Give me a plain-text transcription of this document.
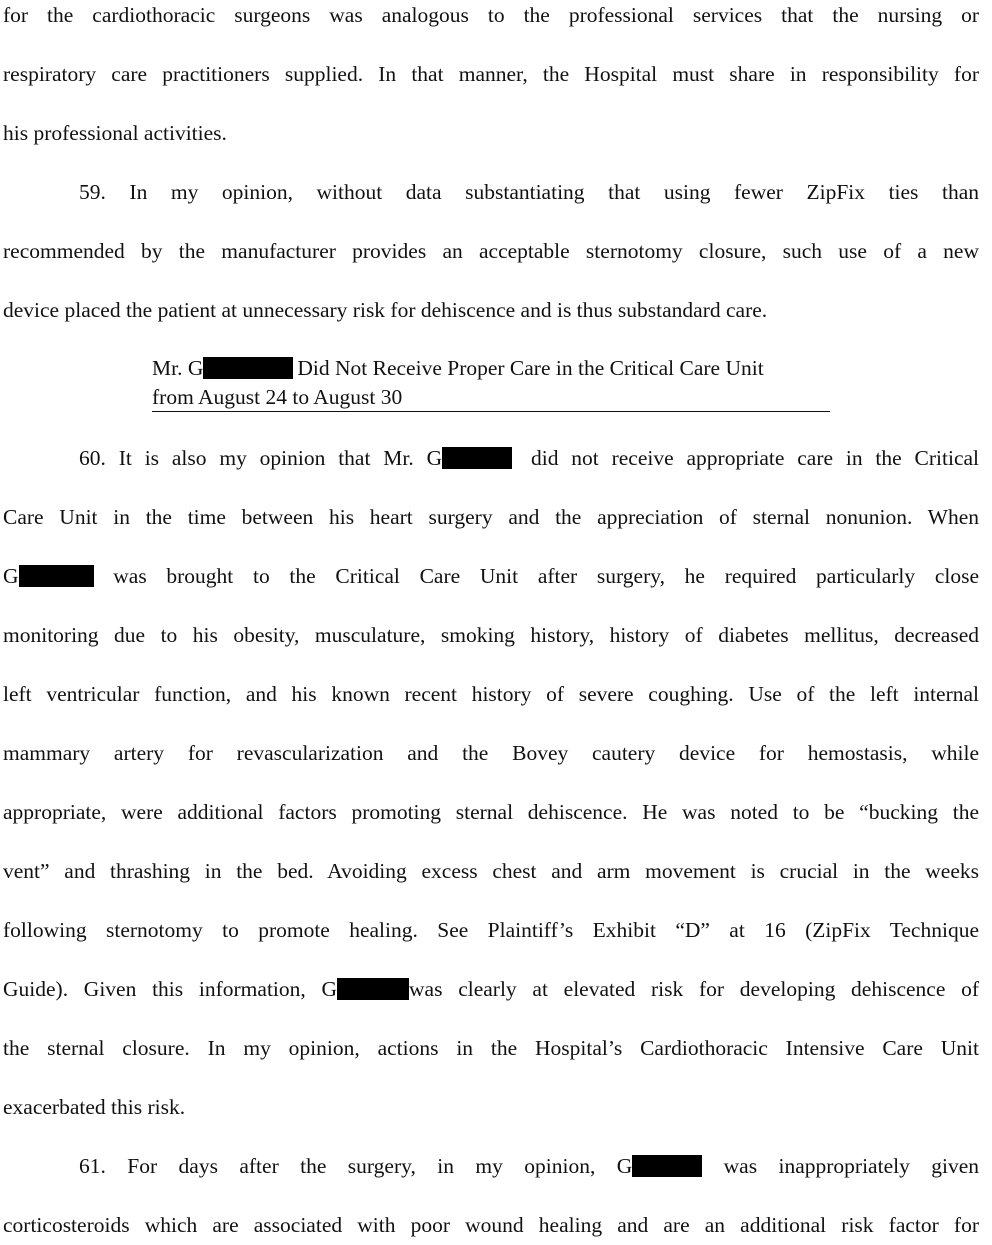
for the cardiothoracic surgeons was analogous to the professional services that the nursing or
respiratory care practitioners supplied. In that manner, the Hospital must share in responsibility for
his professional activities.
59. In my opinion, without data substantiating that using fewer ZipFix ties than
recommended by the manufacturer provides an acceptable sternotomy closure, such use of a new
device placed the patient at unnecessary risk for dehiscence and is thus substandard care.
Mr. G	Did Not Receive Proper Care in the Critical Care Unit
from August 24 to August 30
60. It is also my opinion that Mr. G	did not receive appropriate care in the Critical
Care Unit in the time between his heart surgery and the appreciation of sternal nonunion. When
G	was brought to the Critical Care Unit after surgery, he required particularly close
monitoring due to his obesity, musculature, smoking history, history of diabetes mellitus, decreased
left ventricular function, and his known recent history of severe coughing. Use of the left internal
mammary artery for revascularization and the Bovey cautery device for hemostasis, while
appropriate, were additional factors promoting sternal dehiscence. He was noted to be “bucking the
vent” and thrashing in the bed. Avoiding excess chest and arm movement is crucial in the weeks
following sternotomy to promote healing. See Plaintiff’s Exhibit “D” at 16 (ZipFix Technique
Guide). Given this information, G	was clearly at elevated risk for developing dehiscence of
the sternal closure. In my opinion, actions in the Hospital’s Cardiothoracic Intensive Care Unit
exacerbated this risk.
61. For days after the surgery, in my opinion, G	was inappropriately given
corticosteroids which are associated with poor wound healing and are an additional risk factor for
